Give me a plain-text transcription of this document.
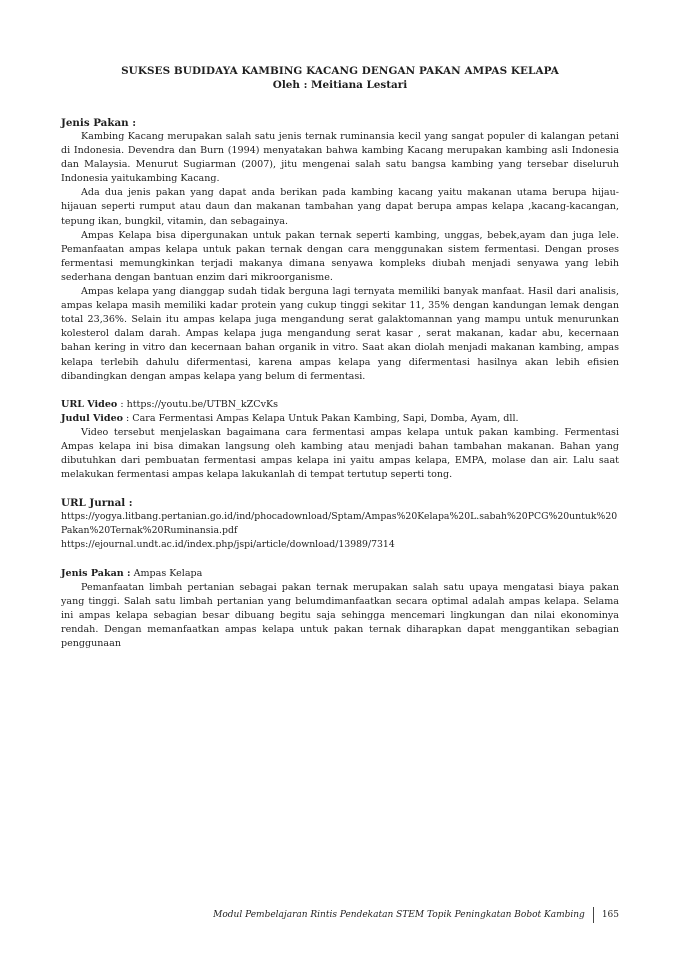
SUKSES BUDIDAYA KAMBING KACANG DENGAN PAKAN AMPAS KELAPA
Oleh : Meitiana Lestari
Jenis Pakan :

Kambing Kacang merupakan salah satu jenis ternak ruminansia kecil yang sangat populer di kalangan petani di Indonesia. Devendra dan Burn (1994) menyatakan bahwa kambing Kacang merupakan kambing asli Indonesia dan Malaysia. Menurut Sugiarman (2007), jitu mengenai salah satu bangsa kambing yang tersebar diseluruh Indonesia yaitukambing Kacang.

Ada dua jenis pakan yang dapat anda berikan pada kambing kacang yaitu makanan utama berupa hijau-hijauan seperti rumput atau daun dan makanan tambahan yang dapat berupa ampas kelapa ,kacang-kacangan, tepung ikan, bungkil, vitamin, dan sebagainya.

Ampas Kelapa bisa dipergunakan untuk pakan ternak seperti kambing, unggas, bebek,ayam dan juga lele. Pemanfaatan ampas kelapa untuk pakan ternak dengan cara menggunakan sistem fermentasi. Dengan proses fermentasi memungkinkan terjadi makanya dimana senyawa kompleks diubah menjadi senyawa yang lebih sederhana dengan bantuan enzim dari mikroorganisme.

Ampas kelapa yang dianggap sudah tidak berguna lagi ternyata memiliki banyak manfaat. Hasil dari analisis, ampas kelapa masih memiliki kadar protein yang cukup tinggi sekitar 11, 35% dengan kandungan lemak dengan total 23,36%. Selain itu ampas kelapa juga mengandung serat galaktomannan yang mampu untuk menurunkan kolesterol dalam darah. Ampas kelapa juga mengandung serat kasar , serat makanan, kadar abu, kecernaan bahan kering in vitro dan kecernaan bahan organik in vitro. Saat akan diolah menjadi makanan kambing, ampas kelapa terlebih dahulu difermentasi, karena ampas kelapa yang difermentasi hasilnya akan lebih efisien dibandingkan dengan ampas kelapa yang belum di fermentasi.

URL Video : https://youtu.be/UTBN_kZCvKs
Judul Video : Cara Fermentasi Ampas Kelapa Untuk Pakan Kambing, Sapi, Domba, Ayam, dll.

Video tersebut menjelaskan bagaimana cara fermentasi ampas kelapa untuk pakan kambing. Fermentasi Ampas kelapa ini bisa dimakan langsung oleh kambing atau menjadi bahan tambahan makanan. Bahan yang dibutuhkan dari pembuatan fermentasi ampas kelapa ini yaitu ampas kelapa, EMPA, molase dan air. Lalu saat melakukan fermentasi ampas kelapa lakukanlah di tempat tertutup seperti tong.

URL Jurnal :
https://yogya.litbang.pertanian.go.id/ind/phocadownload/Sptam/Ampas%20Kelapa%20L.sabah%20PCG%20untuk%20Pakan%20Ternak%20Ruminansia.pdf
https://ejournal.undt.ac.id/index.php/jspi/article/download/13989/7314
Jenis Pakan : Ampas Kelapa

Pemanfaatan limbah pertanian sebagai pakan ternak merupakan salah satu upaya mengatasi biaya pakan yang tinggi. Salah satu limbah pertanian yang belumdimanfaatkan secara optimal adalah ampas kelapa. Selama ini ampas kelapa sebagian besar dibuang begitu saja sehingga mencemari lingkungan dan nilai ekonominya rendah. Dengan memanfaatkan ampas kelapa untuk pakan ternak diharapkan dapat menggantikan sebagian penggunaan

Modul Pembelajaran Rintis Pendekatan STEM Topik Peningkatan Bobot Kambing 165
